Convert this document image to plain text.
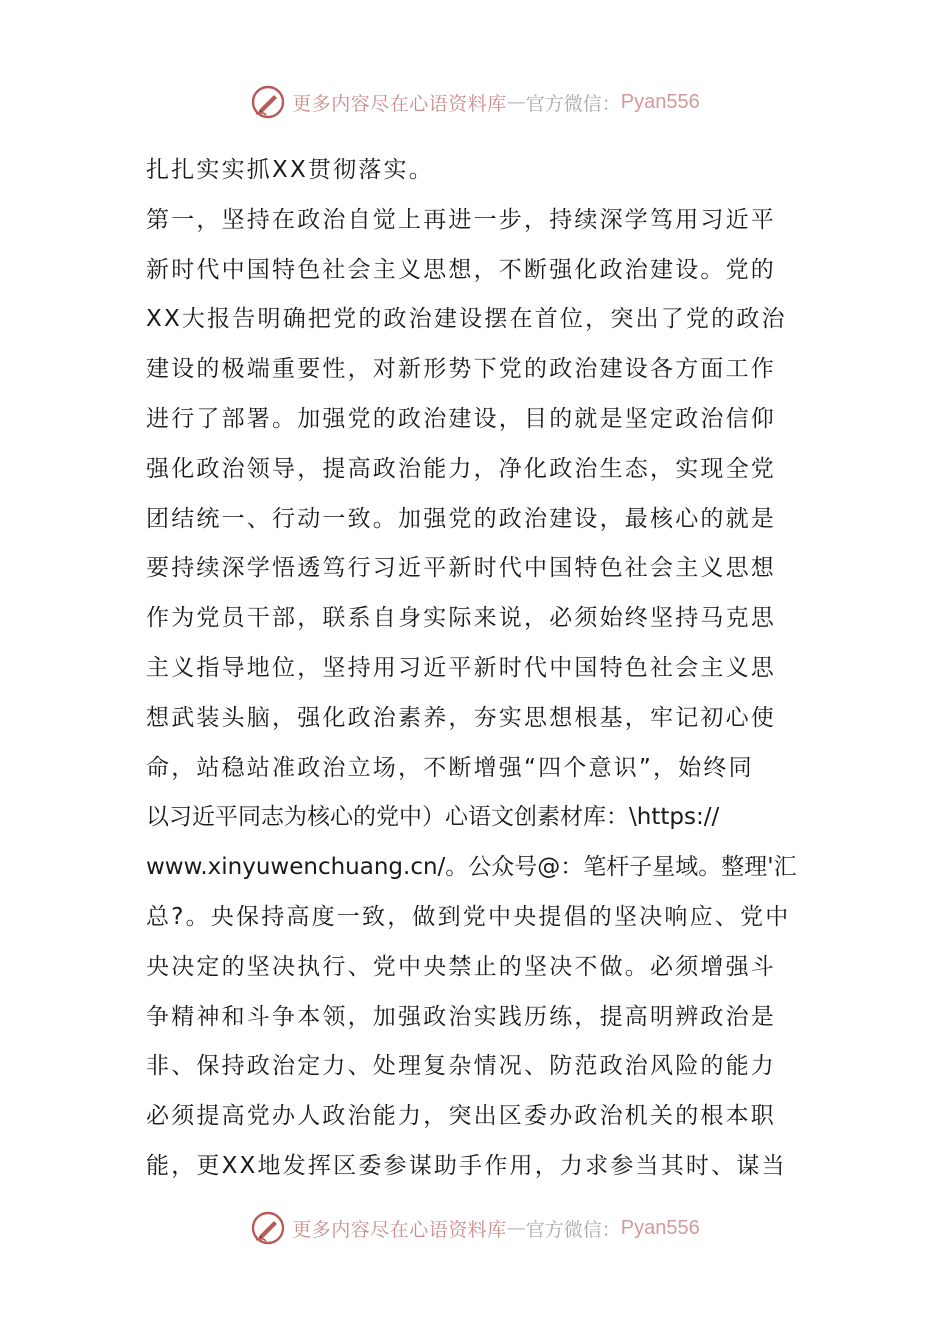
更多内容尽在心语资料库 — 官方微信： Pyan556
扎扎实实抓XX贯彻落实。
第一，坚持在政治自觉上再进一步，持续深学笃用习近平
新时代中国特色社会主义思想，不断强化政治建设。党的
XX大报告明确把党的政治建设摆在首位，突出了党的政治
建设的极端重要性，对新形势下党的政治建设各方面工作
进行了部署。加强党的政治建设，目的就是坚定政治信仰
强化政治领导，提高政治能力，净化政治生态，实现全党
团结统一、行动一致。加强党的政治建设，最核心的就是
要持续深学悟透笃行习近平新时代中国特色社会主义思想
作为党员干部，联系自身实际来说，必须始终坚持马克思
主义指导地位，坚持用习近平新时代中国特色社会主义思
想武装头脑，强化政治素养，夯实思想根基，牢记初心使
命，站稳站准政治立场，不断增强“四个意识”，始终同
以习近平同志为核心的党中）心语文创素材库：\https://
www.xinyuwenchuang.cn/。公众号@：笔杆子星域。整理'汇
总?。央保持高度一致，做到党中央提倡的坚决响应、党中
央决定的坚决执行、党中央禁止的坚决不做。必须增强斗
争精神和斗争本领，加强政治实践历练，提高明辨政治是
非、保持政治定力、处理复杂情况、防范政治风险的能力
必须提高党办人政治能力，突出区委办政治机关的根本职
能，更XX地发挥区委参谋助手作用，力求参当其时、谋当
更多内容尽在心语资料库 — 官方微信： Pyan556
